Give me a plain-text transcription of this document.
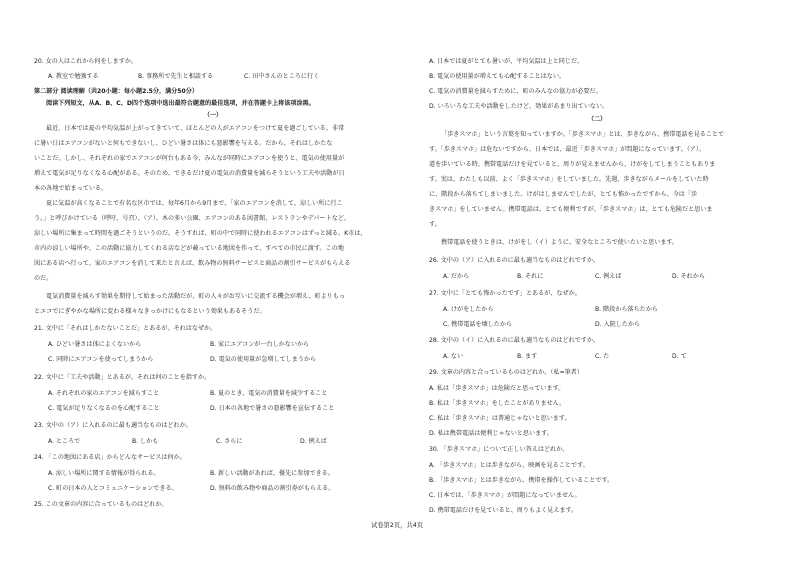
20. 女の人はこれから何をしますか。
A. 教室で勉強する	B. 事務所で先生と相談する	C. 田中さんのところに行く
第二部分 阅读理解（共20小题：每小题2.5分，满分50分）
阅读下列短文，从A、B、C、D四个选项中选出最符合题意的最佳选项，并在答题卡上将该项涂黑。
（一）
最近、日本では夏の平均気温が上がってきていて、ほとんどの人がエアコンをつけて夏を過ごしている。非常
に暑い日はエアコンがないと何もできないし、ひどい暑さは体にも悪影響を与える。だから、それはしかたな
いことだ。しかし、それぞれの家でエアコンが何台もある今、みんなが同時にエアコンを使うと、電気の使用量が
増えて電気が足りなくなる心配がある。そのため、できるだけ夏の電気の消費量を減らそうという工夫や活動が日
本の各地で始まっている。
夏に気温が高くなることで有名な区市では、毎年6月から9月まで、「家のエアコンを消して、涼しい所に行こ
う。」と呼びかけている（呼吁、号召）。（ア）、木の多い公園、エアコンのある図書館、レストランやデパートなど、
涼しい場所に集まって時間を過ごそうというのだ。そうすれば、町の中で同時に使われるエアコンはずっと減る。K市は、
市内の涼しい場所や、この活動に協力してくれる店などが載っている地図を作って、すべての市民に渡す。この地
図にある店へ行って、家のエアコンを消して来たと言えば、飲み物の無料サービスと商品の割引サービスがもらえる
のだ。
電気消費量を減らす効果を期待して始まった活動だが、町の人々がお互いに交流する機会が増え、町よりもっ
とエコでにぎやかな場所に変わる様々なきっかけにもなるという効果もあるそうだ。
21. 文中に「それはしかたないことだ」とあるが、それはなぜか。
A. ひどい暑さは体によくないから	B. 家にエアコンが一台しかないから
C. 同時にエアコンを使ってしまうから	D. 電気の使用量が急増してしまうから
22. 文中に「工夫や活動」とあるが、それは何のことを指すか。
A. それぞれの家のエアコンを減らすこと	B. 夏のとき、電気の消費量を減少すること
C. 電気が足りなくなるのを心配すること	D. 日本の各地で暑さの悪影響を宣伝すること
23. 文中の（ア）に入れるのに最も適当なものはどれか。
A. ところで	B. しかも	C. さらに	D. 例えば
24. 「この地図にある店」からどんなサービスは何か。
A. 涼しい場所に関する情報が得られる。	B. 新しい活動があれば、優先に参加できる。
C. 町の日本の人とコミュニケーションできる。	D. 無料の飲み物や商品の割引券がもらえる。
25. この文章の内容に合っているものはどれか。
A. 日本では夏がとても暑いが、平均気温は上と同じだ。
B. 電気の使用量が増えても心配することはない。
C. 電気の消費量を減らすために、町のみんなの協力が必要だ。
D. いろいろな工夫や活動をしたけど、効果があまり出ていない。
（二）
「歩きスマホ」という言葉を知っていますか。「歩きスマホ」とは、歩きながら、携帯電話を見ることで
す。「歩きスマホ」は危ないですから、日本では、最近「歩きスマホ」が問題になっています。（ア）、
道を歩いている時、携帯電話だけを見ていると、周りが見えませんから、けがをしてしまうこともありま
す。実は、わたしも以前、よく「歩きスマホ」をしていました。先週、歩きながらメールをしていた時
に、階段から落ちてしまいました。けがはしませんでしたが、とても怖かったですから、今は「歩
きスマホ」をしていません。携帯電話は、とても便利ですが、「歩きスマホ」は、とても危険だと思いま
す。
携帯電話を使うときは、けがをし（イ）ように、安全なところで使いたいと思います。
26. 文中の（ア）に入れるのに最も適当なものはどれですか。
A. だから	B. それに	C. 例えば	D. それから
27. 文中に「とても怖かったです」とあるが、なぜか。
A. けがをしたから	B. 階段から落ちたから
C. 携帯電話を壊したから	D. 入院したから
28. 文中の（イ）に入れるのに最も適当なものはどれですか。
A. ない	B. ます	C. た	D. て
29. 文章の内容と合っているものはどれか。（私=筆者）
A. 私は「歩きスマホ」は危険だと思っています。
B. 私は「歩きスマホ」をしたことがありません。
C. 私は「歩きスマホ」は普通じゃないと思います。
D. 私は携帯電話は便利じゃないと思います。
30. 「歩きスマホ」について正しい答えはどれか。
A. 「歩きスマホ」とは歩きながら、映画を見ることです。
B. 「歩きスマホ」とは歩きながら、携帯を操作していることです。
C. 日本では、「歩きスマホ」が問題になっていません。
D. 携帯電話だけを見ていると、周りもよく見えます。
试卷第2页，共4页
